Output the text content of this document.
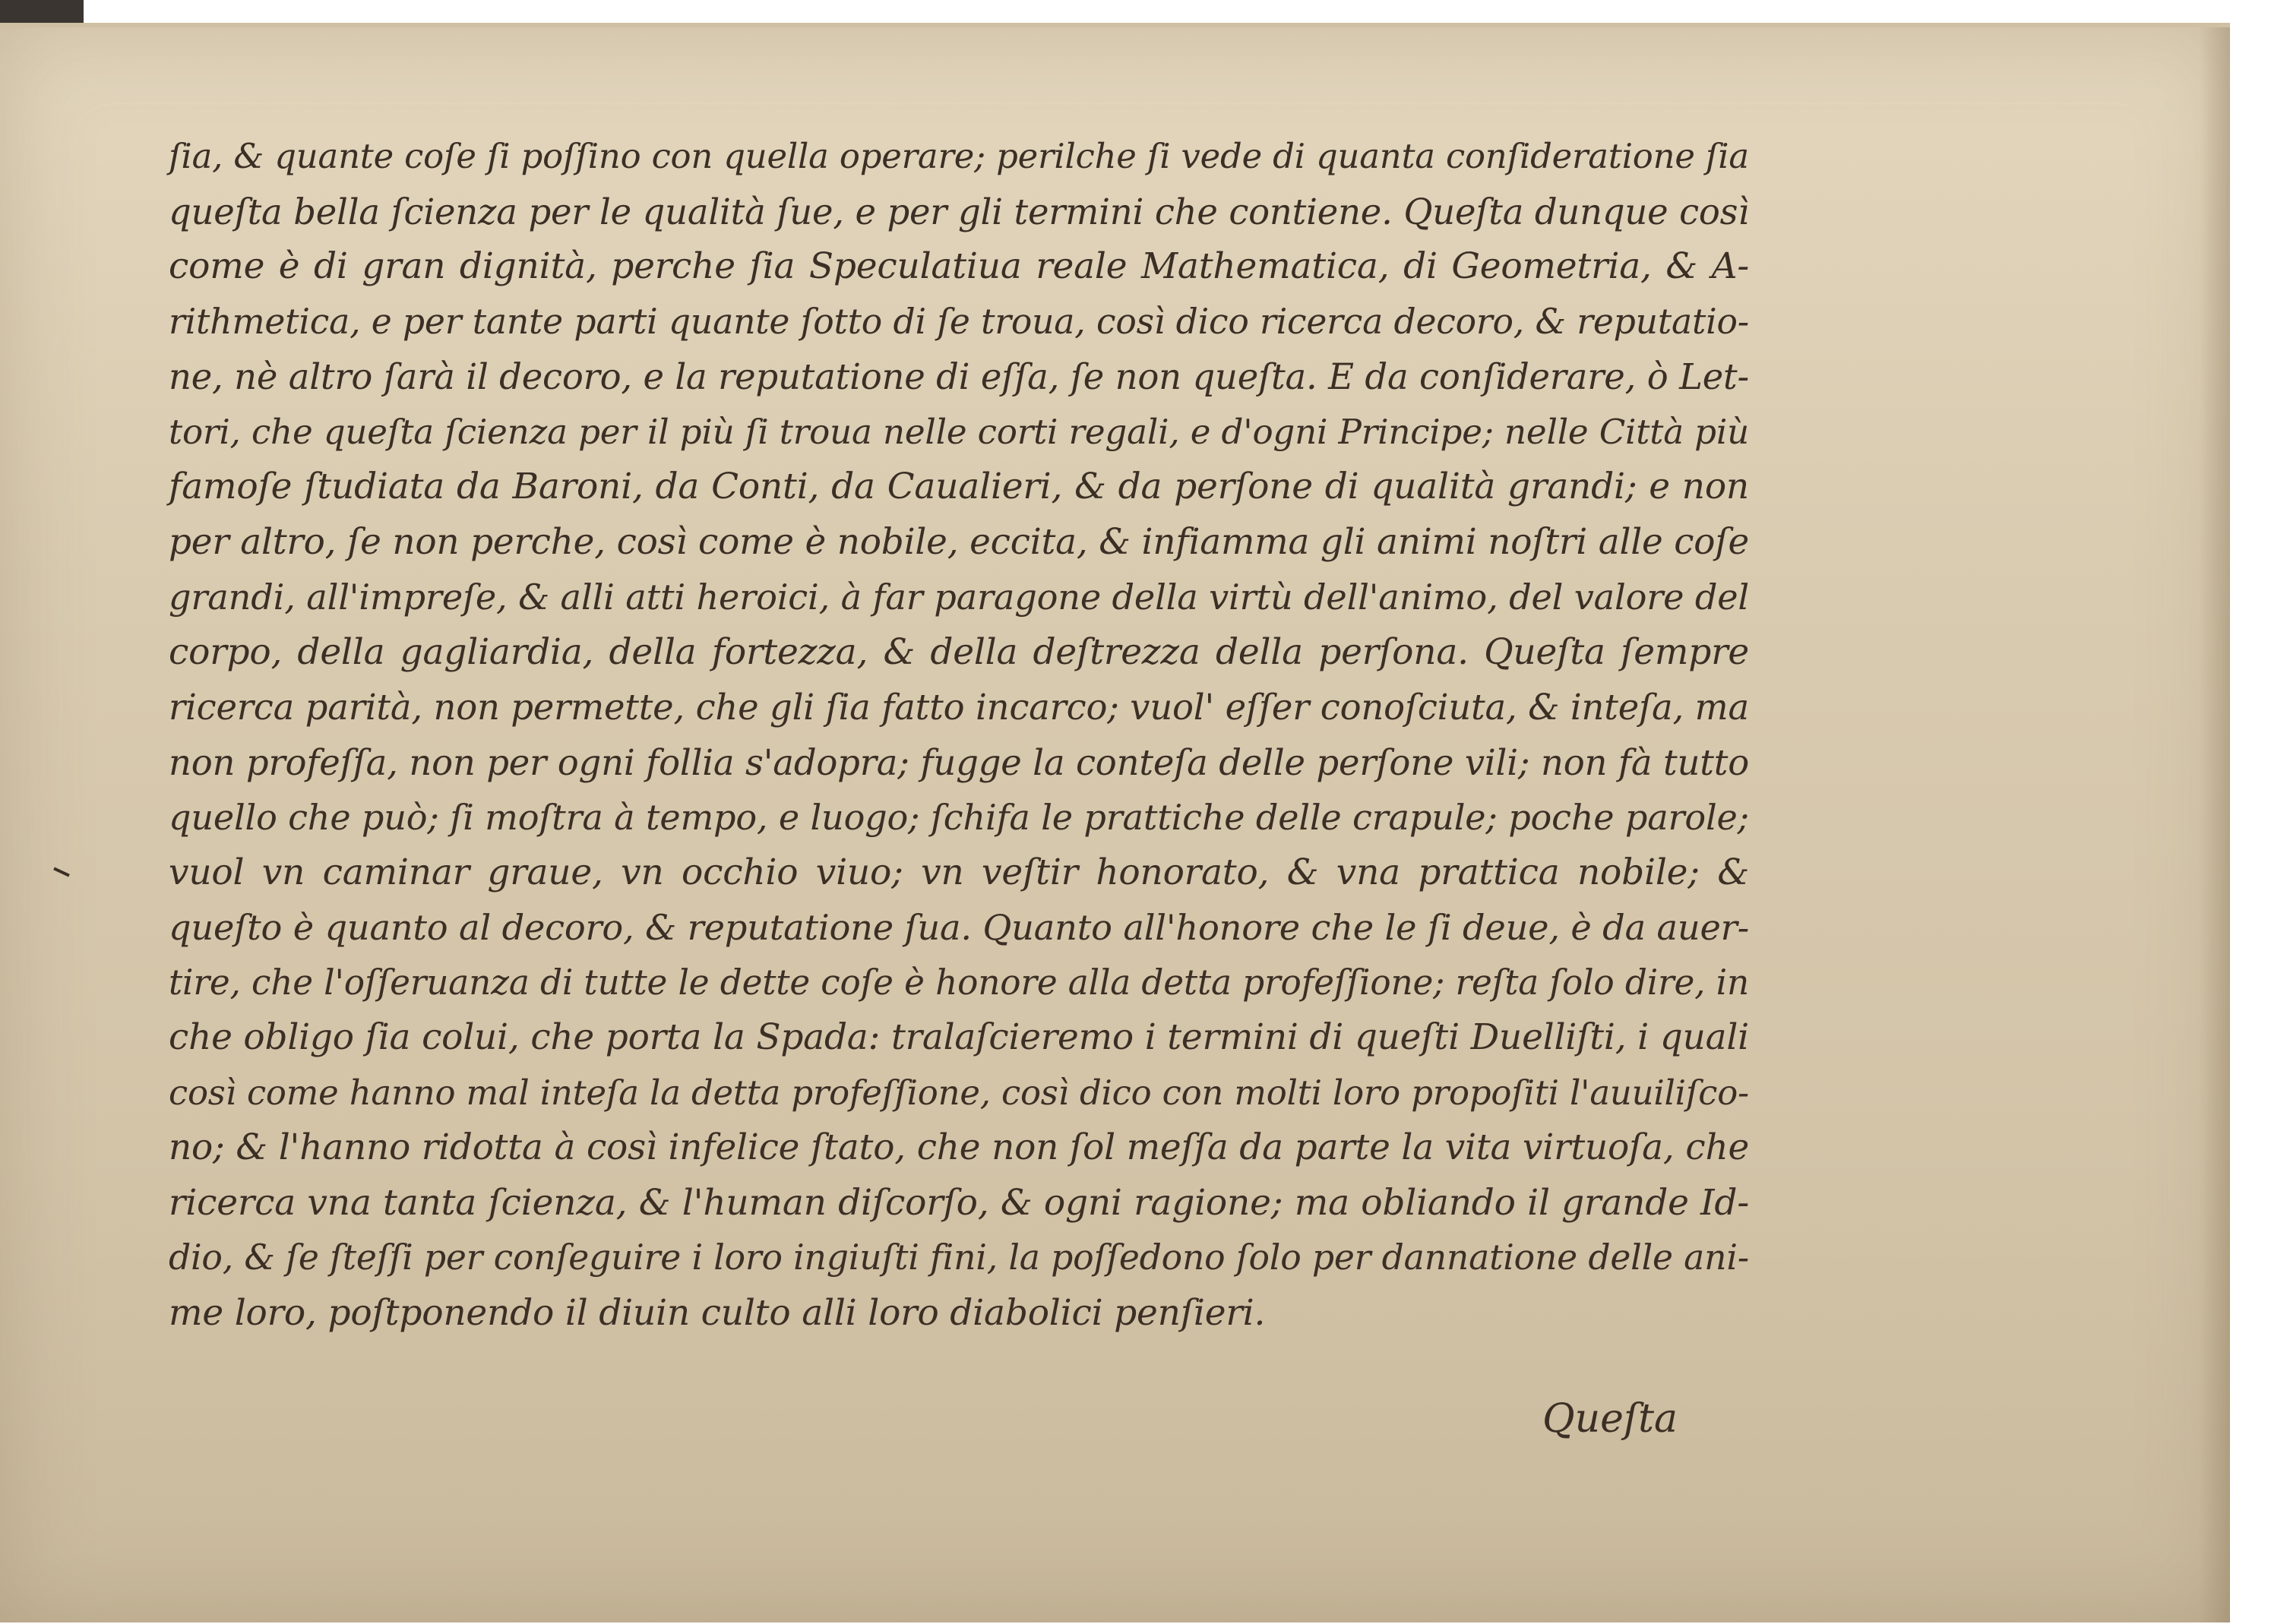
ſia, & quante coſe ſi poſſino con quella operare; perilche ſi vede di quanta conſideratione ſia
queſta bella ſcienza per le qualità ſue, e per gli termini che contiene. Queſta dunque così
come è di gran dignità, perche ſia Speculatiua reale Mathematica, di Geometria, & A-
rithmetica, e per tante parti quante ſotto di ſe troua, così dico ricerca decoro, & reputatio-
ne, nè altro ſarà il decoro, e la reputatione di eſſa, ſe non queſta. E da conſiderare, ò Let-
tori, che queſta ſcienza per il più ſi troua nelle corti regali, e d'ogni Principe; nelle Città più
famoſe ſtudiata da Baroni, da Conti, da Caualieri, & da perſone di qualità grandi; e non
per altro, ſe non perche, così come è nobile, eccita, & infiamma gli animi noſtri alle coſe
grandi, all'impreſe, & alli atti heroici, à far paragone della virtù dell'animo, del valore del
corpo, della gagliardia, della fortezza, & della deſtrezza della perſona. Queſta ſempre
ricerca parità, non permette, che gli ſia fatto incarco; vuol' eſſer conoſciuta, & inteſa, ma
non profeſſa, non per ogni follia s'adopra; fugge la conteſa delle perſone vili; non fà tutto
quello che può; ſi moſtra à tempo, e luogo; ſchifa le prattiche delle crapule; poche parole;
vuol vn caminar graue, vn occhio viuo; vn veſtir honorato, & vna prattica nobile; &
queſto è quanto al decoro, & reputatione ſua. Quanto all'honore che le ſi deue, è da auer-
tire, che l'oſſeruanza di tutte le dette coſe è honore alla detta profeſſione; reſta ſolo dire, in
che obligo ſia colui, che porta la Spada: tralaſcieremo i termini di queſti Duelliſti, i quali
così come hanno mal inteſa la detta profeſſione, così dico con molti loro propoſiti l'auuiliſco-
no; & l'hanno ridotta à così infelice ſtato, che non ſol meſſa da parte la vita virtuoſa, che
ricerca vna tanta ſcienza, & l'human diſcorſo, & ogni ragione; ma obliando il grande Id-
dio, & ſe ſteſſi per conſeguire i loro ingiuſti fini, la poſſedono ſolo per dannatione delle ani-
me loro, poſtponendo il diuin culto alli loro diabolici penſieri.
Queſta
